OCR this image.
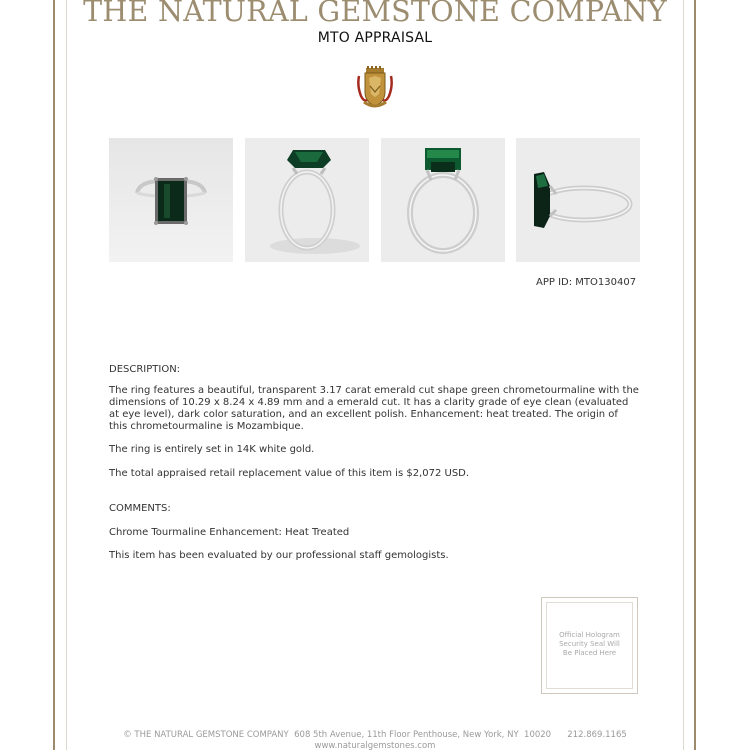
THE NATURAL GEMSTONE COMPANY
MTO APPRAISAL
APP ID: MTO130407
DESCRIPTION:
The ring features a beautiful, transparent 3.17 carat emerald cut shape green chrometourmaline with the dimensions of 10.29 x 8.24 x 4.89 mm and a emerald cut. It has a clarity grade of eye clean (evaluated at eye level), dark color saturation, and an excellent polish. Enhancement: heat treated. The origin of this chrometourmaline is Mozambique.
The ring is entirely set in 14K white gold.
The total appraised retail replacement value of this item is $2,072 USD.
COMMENTS:
Chrome Tourmaline Enhancement: Heat Treated
This item has been evaluated by our professional staff gemologists.
Official Hologram Security Seal Will Be Placed Here
© THE NATURAL GEMSTONE COMPANY  608 5th Avenue, 11th Floor Penthouse, New York, NY  10020      212.869.1165
www.naturalgemstones.com
